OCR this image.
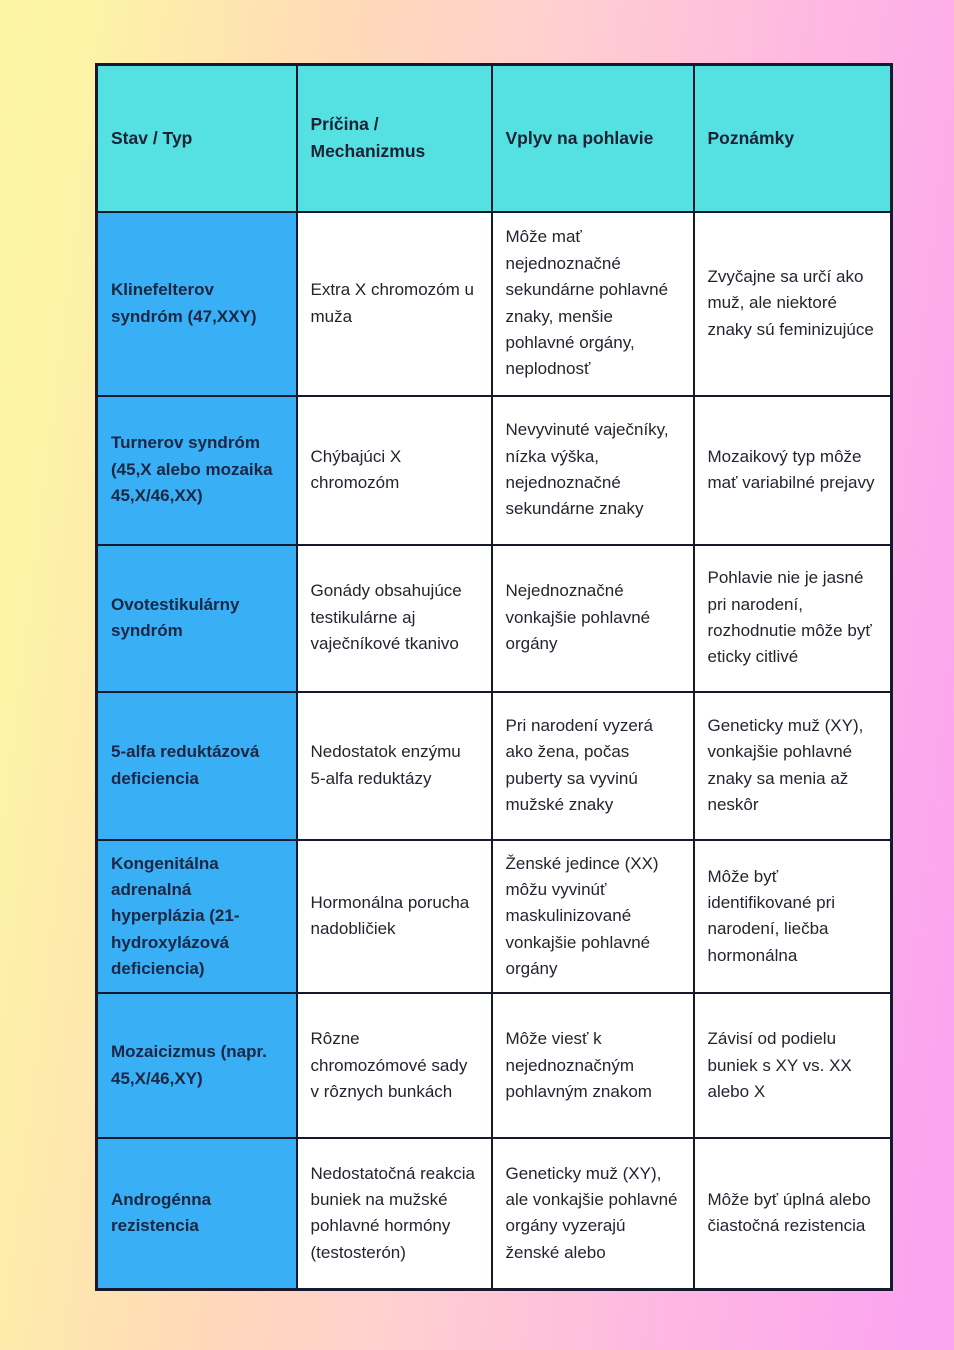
Stav / Typ	Príčina / Mechanizmus	Vplyv na pohlavie	Poznámky
Klinefelterov syndróm (47,XXY)	Extra X chromozóm u muža	Môže mať nejednoznačné sekundárne pohlavné znaky, menšie pohlavné orgány, neplodnosť	Zvyčajne sa určí ako muž, ale niektoré znaky sú feminizujúce
Turnerov syndróm (45,X alebo mozaika 45,X/46,XX)	Chýbajúci X chromozóm	Nevyvinuté vaječníky, nízka výška, nejednoznačné sekundárne znaky	Mozaikový typ môže mať variabilné prejavy
Ovotestikulárny syndróm	Gonády obsahujúce testikulárne aj vaječníkové tkanivo	Nejednoznačné vonkajšie pohlavné orgány	Pohlavie nie je jasné pri narodení, rozhodnutie môže byť eticky citlivé
5-alfa reduktázová deficiencia	Nedostatok enzýmu 5-alfa reduktázy	Pri narodení vyzerá ako žena, počas puberty sa vyvinú mužské znaky	Geneticky muž (XY), vonkajšie pohlavné znaky sa menia až neskôr
Kongenitálna adrenalná hyperplázia (21-hydroxylázová deficiencia)	Hormonálna porucha nadobličiek	Ženské jedince (XX) môžu vyvinúť maskulinizované vonkajšie pohlavné orgány	Môže byť identifikované pri narodení, liečba hormonálna
Mozaicizmus (napr. 45,X/46,XY)	Rôzne chromozómové sady v rôznych bunkách	Môže viesť k nejednoznačným pohlavným znakom	Závisí od podielu buniek s XY vs. XX alebo X
Androgénna rezistencia	Nedostatočná reakcia buniek na mužské pohlavné hormóny (testosterón)	Geneticky muž (XY), ale vonkajšie pohlavné orgány vyzerajú ženské alebo	Môže byť úplná alebo čiastočná rezistencia
